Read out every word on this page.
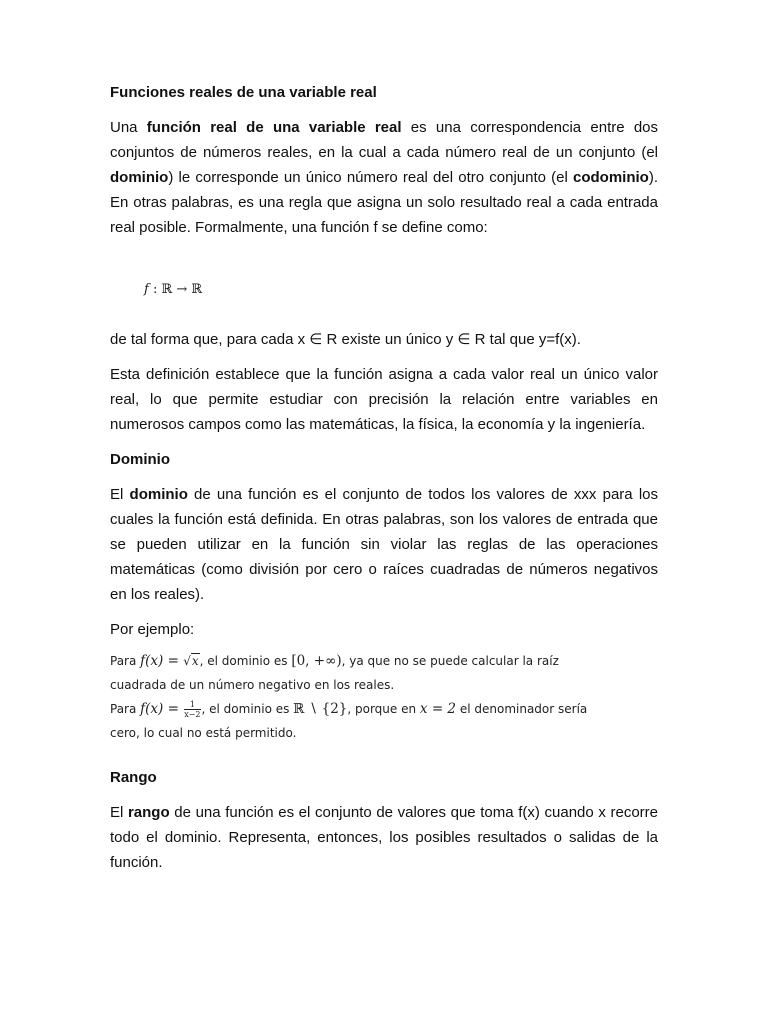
Funciones reales de una variable real

Una función real de una variable real es una correspondencia entre dos conjuntos de números reales, en la cual a cada número real de un conjunto (el dominio) le corresponde un único número real del otro conjunto (el codominio). En otras palabras, es una regla que asigna un solo resultado real a cada entrada real posible. Formalmente, una función f se define como:

f : ℝ → ℝ

de tal forma que, para cada x ∈ R existe un único y ∈ R tal que y=f(x).

Esta definición establece que la función asigna a cada valor real un único valor real, lo que permite estudiar con precisión la relación entre variables en numerosos campos como las matemáticas, la física, la economía y la ingeniería.

Dominio

El dominio de una función es el conjunto de todos los valores de xxx para los cuales la función está definida. En otras palabras, son los valores de entrada que se pueden utilizar en la función sin violar las reglas de las operaciones matemáticas (como división por cero o raíces cuadradas de números negativos en los reales).

Por ejemplo:

Para f(x) = √x, el dominio es [0, +∞), ya que no se puede calcular la raíz
cuadrada de un número negativo en los reales.
Para $f(x) = \frac{1}{x-2}$ , el dominio es ℝ ∖ {2}, porque en x = 2 el denominador sería
cero, lo cual no está permitido.

Rango

El rango de una función es el conjunto de valores que toma f(x) cuando x recorre todo el dominio. Representa, entonces, los posibles resultados o salidas de la función.
